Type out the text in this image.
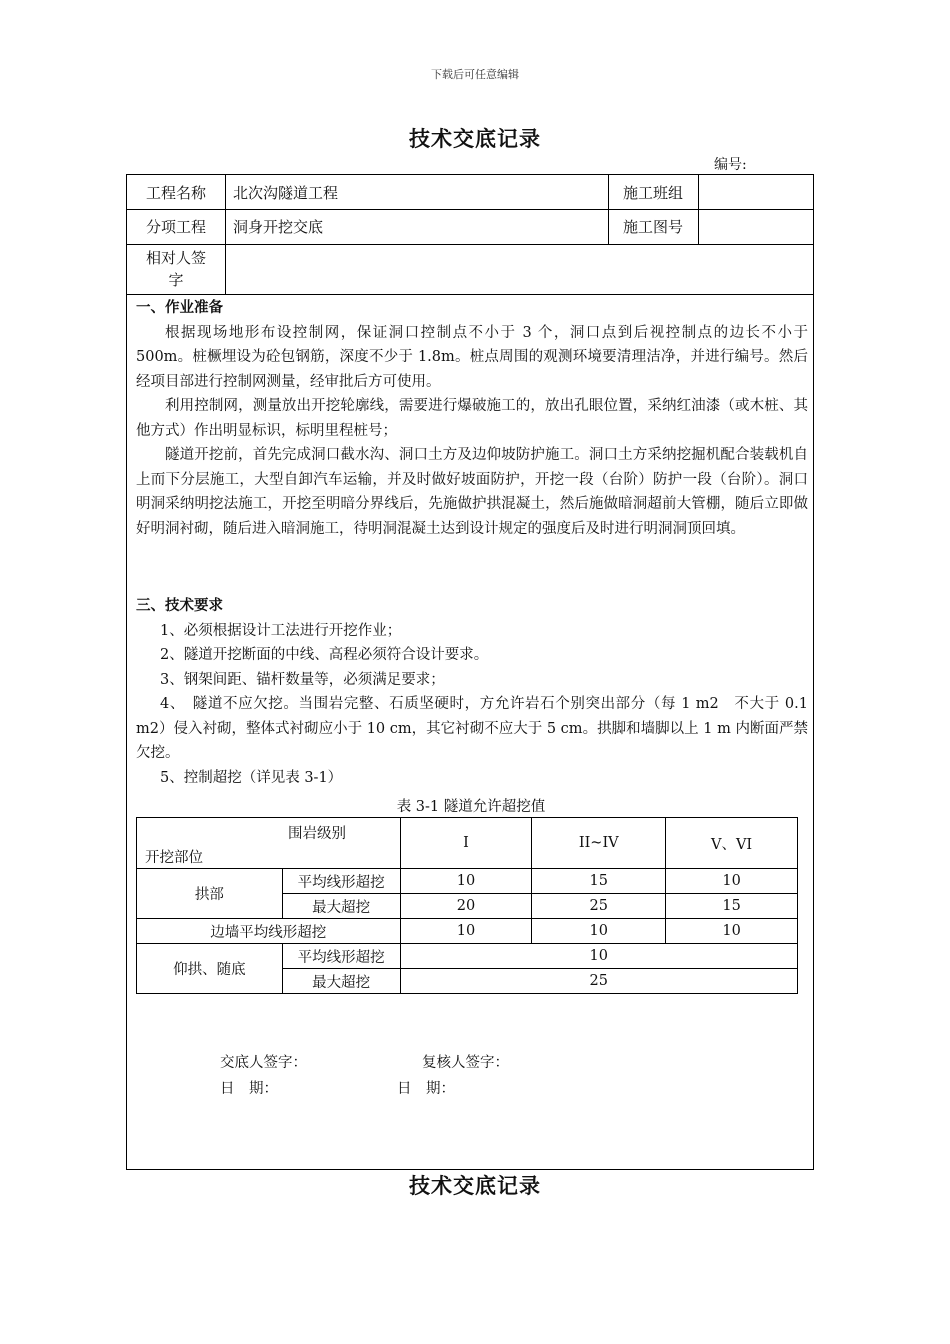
下载后可任意编辑
技术交底记录
编号:
工程名称	北次沟隧道工程	施工班组
分项工程	洞身开挖交底	施工图号
相对人签
字

一、作业准备

根据现场地形布设控制网，保证洞口控制点不小于 3 个，洞口点到后视控制点的边长不小于 500m。桩橛埋设为砼包钢筋，深度不少于 1.8m。桩点周围的观测环境要清理洁净，并进行编号。然后经项目部进行控制网测量，经审批后方可使用。

利用控制网，测量放出开挖轮廓线，需要进行爆破施工的，放出孔眼位置，采纳红油漆（或木桩、其他方式）作出明显标识，标明里程桩号；

隧道开挖前，首先完成洞口截水沟、洞口土方及边仰坡防护施工。洞口土方采纳挖掘机配合装载机自上而下分层施工，大型自卸汽车运输，并及时做好坡面防护，开挖一段（台阶）防护一段（台阶）。洞口明洞采纳明挖法施工，开挖至明暗分界线后，先施做护拱混凝土，然后施做暗洞超前大管棚，随后立即做好明洞衬砌，随后进入暗洞施工，待明洞混凝土达到设计规定的强度后及时进行明洞洞顶回填。

三、技术要求

1、必须根据设计工法进行开挖作业；

2、隧道开挖断面的中线、高程必须符合设计要求。

3、钢架间距、锚杆数量等，必须满足要求；

4、　隧道不应欠挖。当围岩完整、石质坚硬时，方允许岩石个别突出部分（每 1 m2　不大于 0.1 m2）侵入衬砌，整体式衬砌应小于 10 cm，其它衬砌不应大于 5 cm。拱脚和墙脚以上 1 m 内断面严禁欠挖。

5、控制超挖（详见表 3-1）

表 3-1 隧道允许超挖值
交底人签字：	复核人签字：
日　期：	日　期：
围岩级别
开挖部位		I	II~IV	V、VI
拱部	平均线形超挖	10	15	10
	最大超挖	20	25	15
边墙平均线形超挖		10	10	10
仰拱、随底	平均线形超挖	10		
	最大超挖	25		
技术交底记录
